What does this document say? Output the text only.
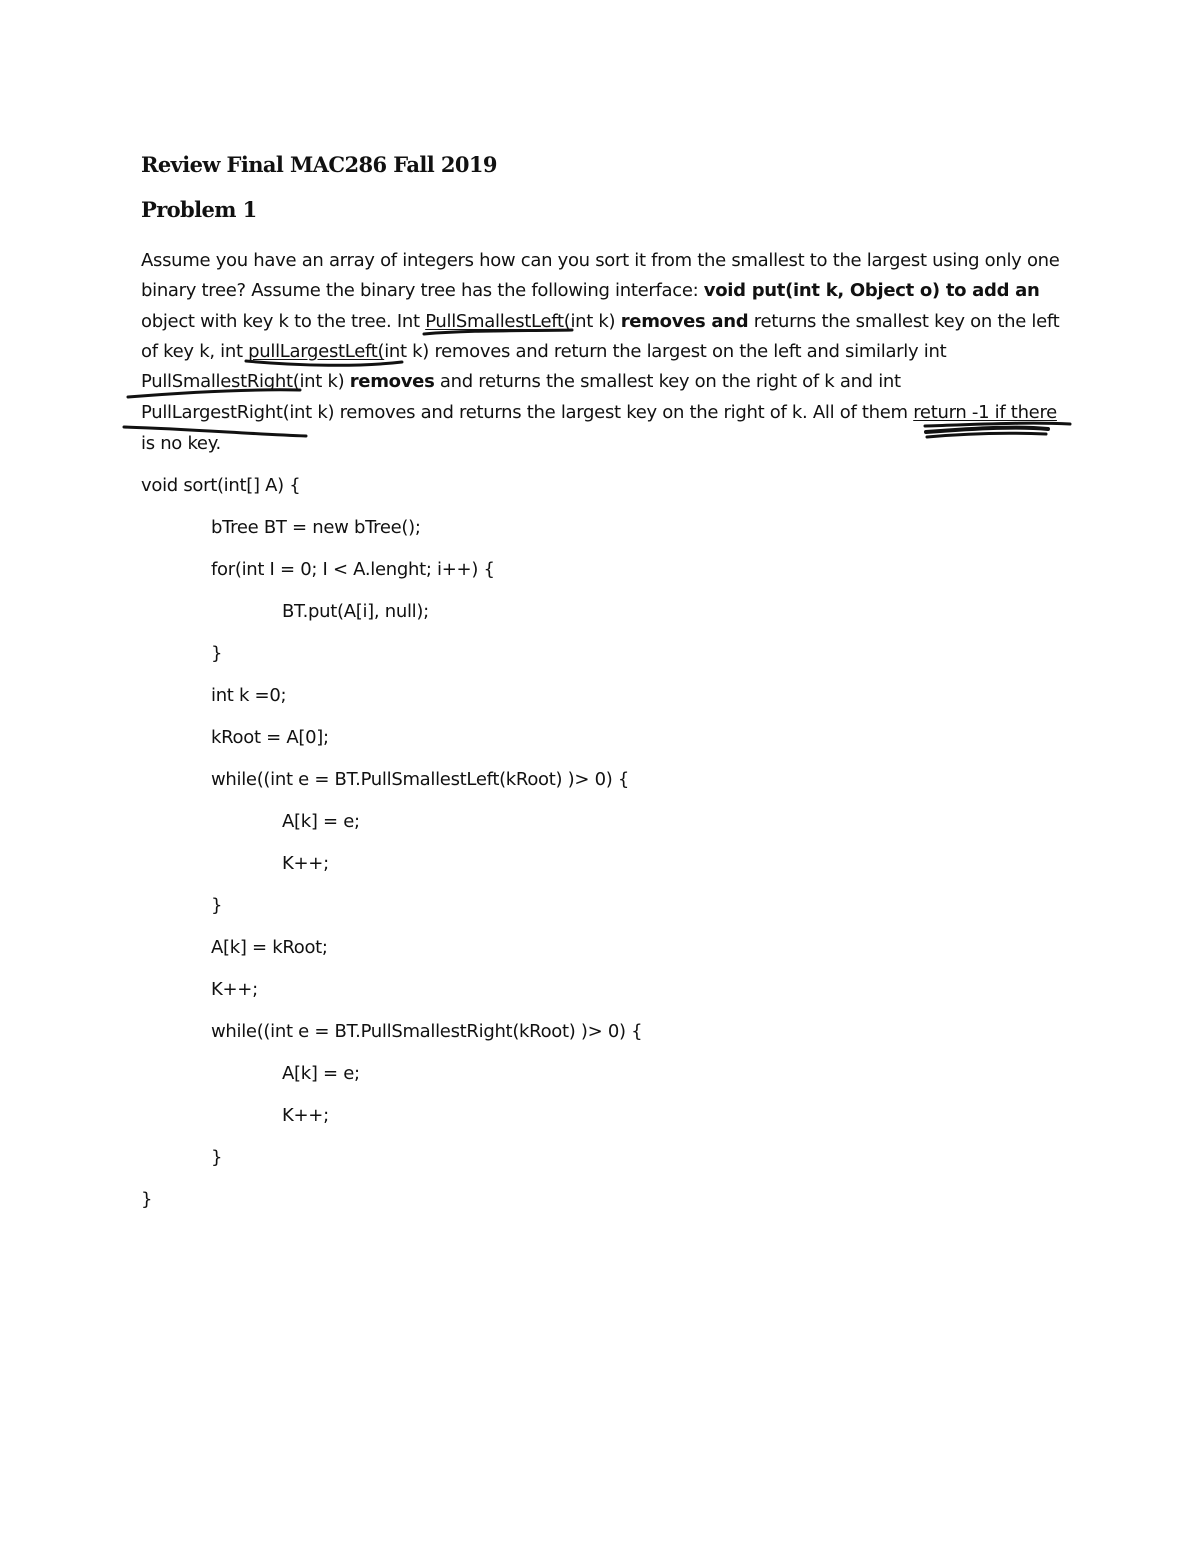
Review Final MAC286 Fall 2019
Problem 1
Assume you have an array of integers how can you sort it from the smallest to the largest using only one
binary tree? Assume the binary tree has the following interface: void put(int k, Object o) to add an
object with key k to the tree. Int PullSmallestLeft(int k) removes and returns the smallest key on the left
of key k, int pullLargestLeft(int k) removes and return the largest on the left and similarly int
PullSmallestRight(int k) removes and returns the smallest key on the right of k and int
PullLargestRight(int k) removes and returns the largest key on the right of k. All of them return -1 if there
is no key.
void sort(int[] A) {
bTree BT = new bTree();
for(int I = 0; I < A.lenght; i++) {
BT.put(A[i], null);
}
int k =0;
kRoot = A[0];
while((int e = BT.PullSmallestLeft(kRoot) )> 0) {
A[k] = e;
K++;
}
A[k] = kRoot;
K++;
while((int e = BT.PullSmallestRight(kRoot) )> 0) {
A[k] = e;
K++;
}
}
